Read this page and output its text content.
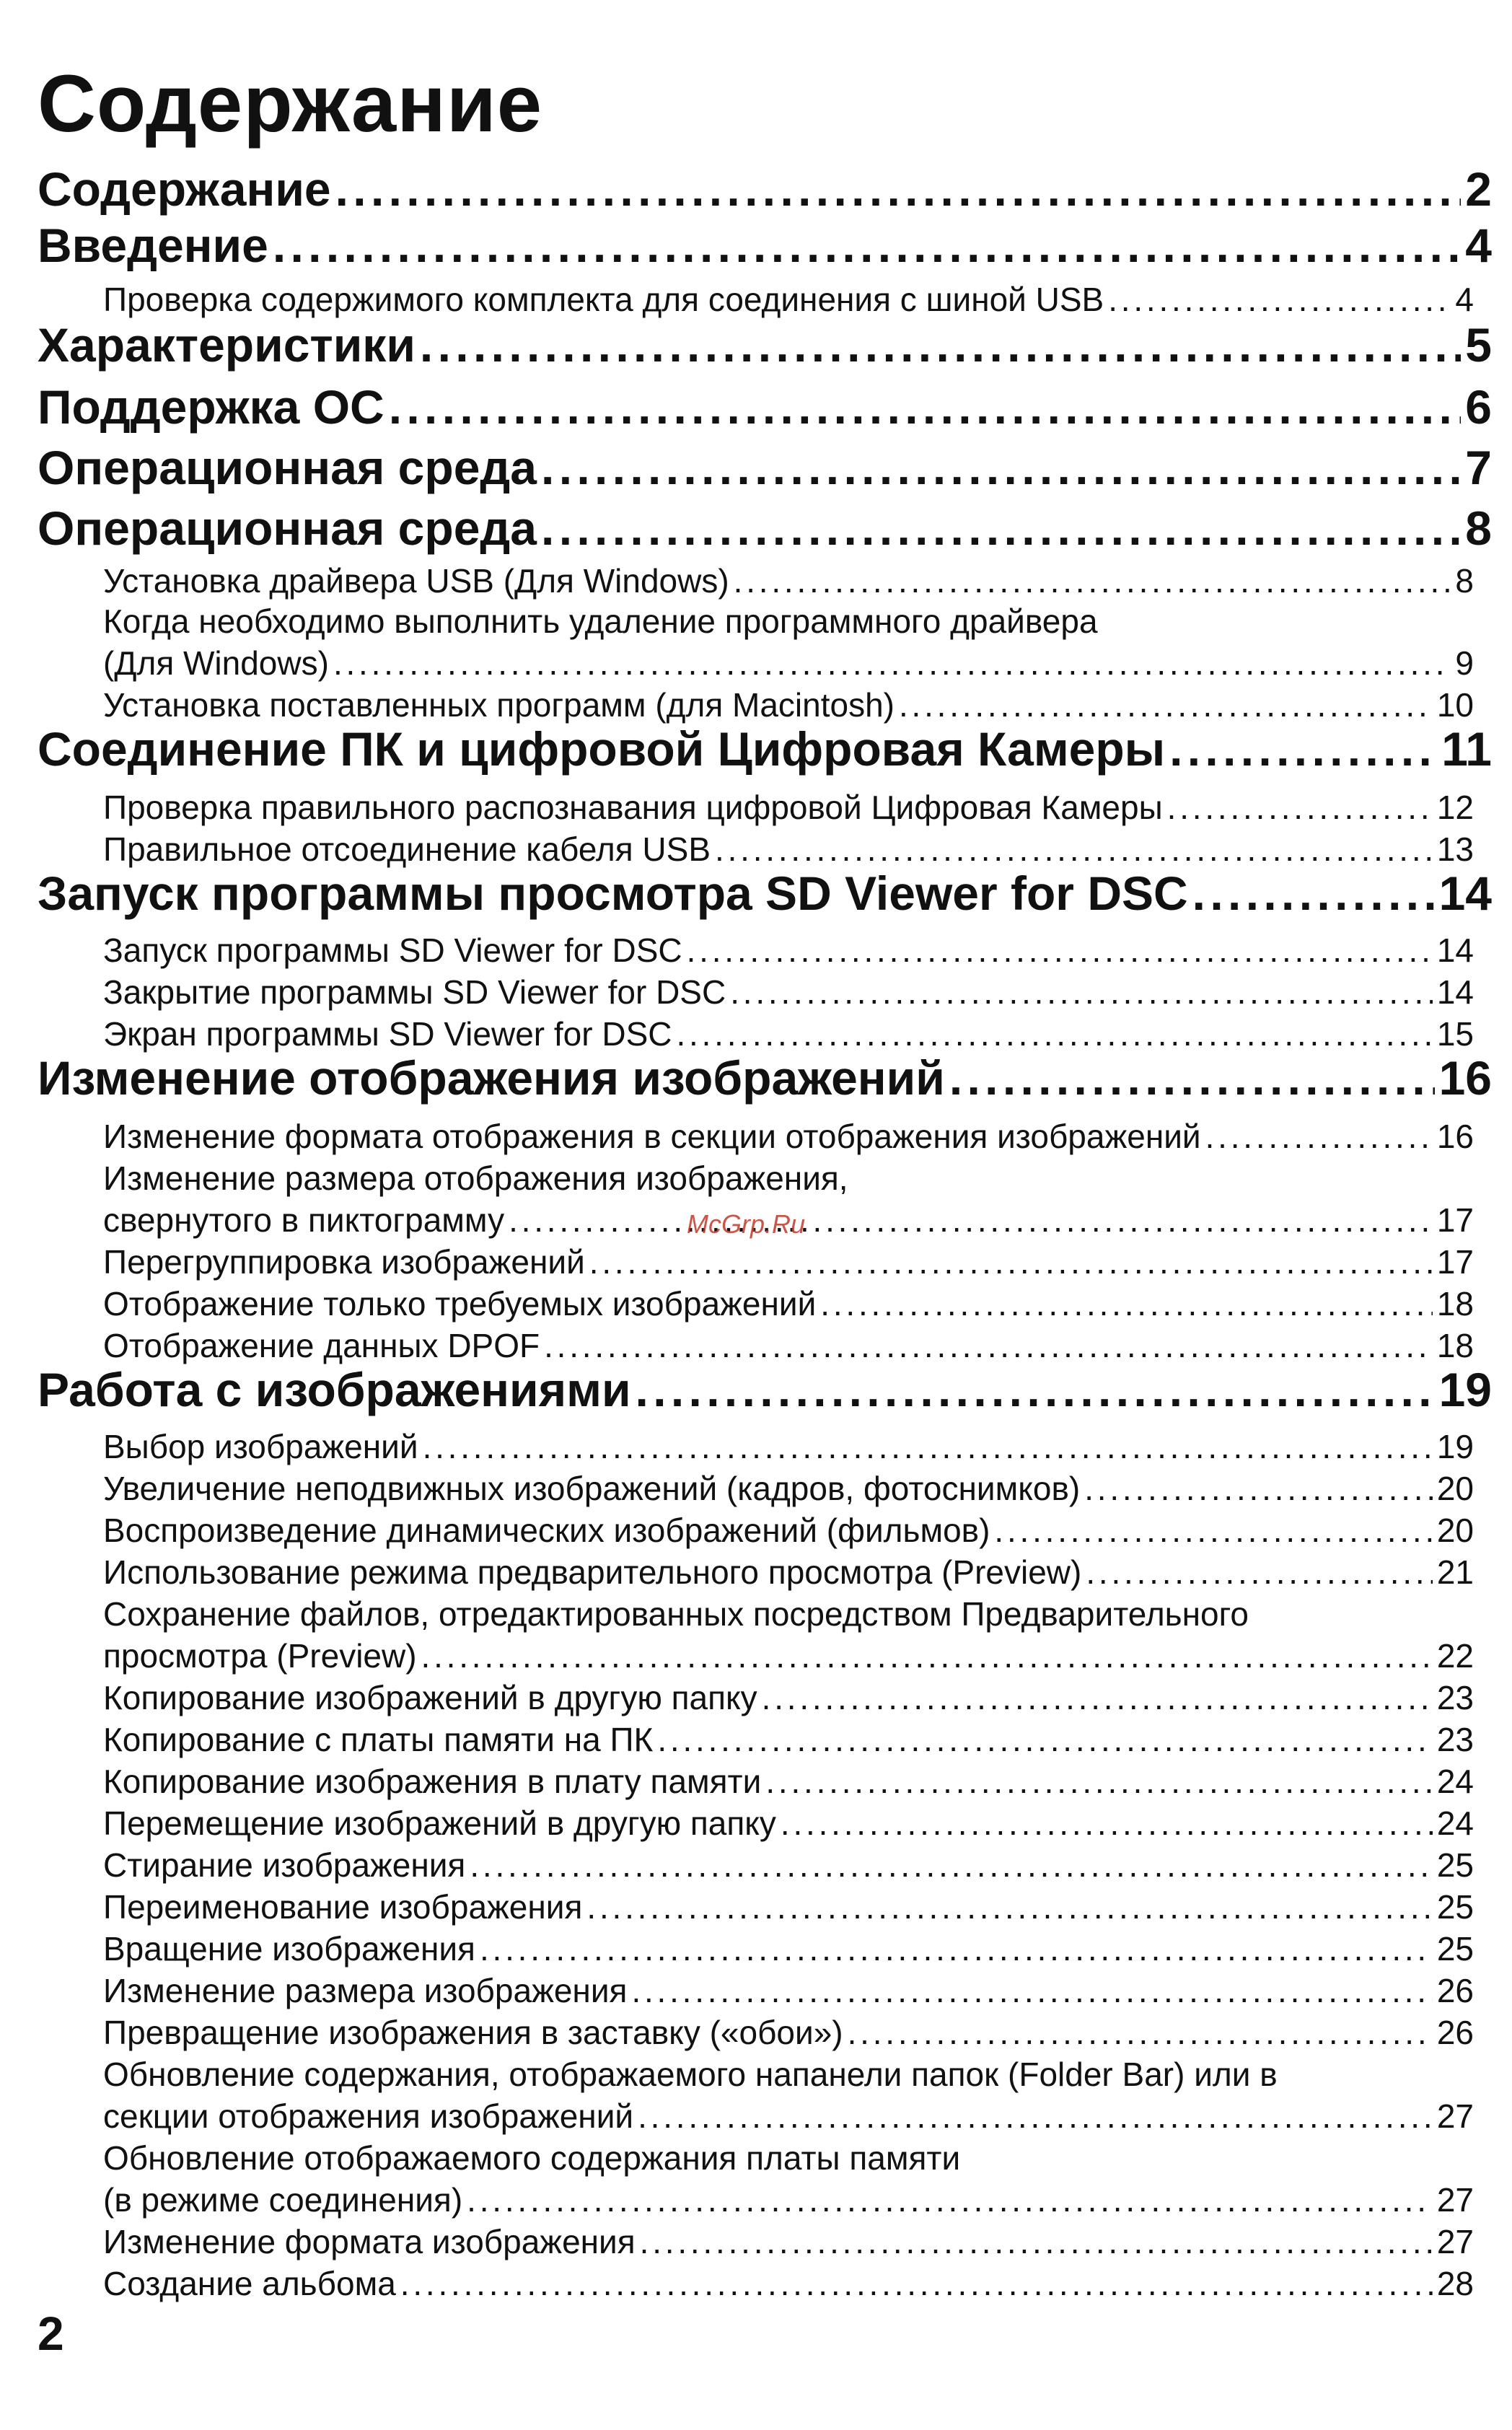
Содержание
Содержание . . .	2
Введение . . .	4
Проверка содержимого комплекта для соединения с шиной USB . . .	4
Характеристики . . .	5
Поддержка ОС . . .	6
Операционная среда . . .	7
Операционная среда . . .	8
Установка драйвера USB (Для Windows) . . .	8
Когда необходимо выполнить удаление программного драйвера
(Для Windows) . . .	9
Установка поставленных программ (для Macintosh) . . .	10
Соединение ПК и цифровой Цифровая Камеры . . .	11
Проверка правильного распознавания цифровой Цифровая Камеры . . .	12
Правильное отсоединение кабеля USB . . .	13
Запуск программы просмотра SD Viewer for DSC . . .	14
Запуск программы SD Viewer for DSC . . .	14
Закрытие программы SD Viewer for DSC . . .	14
Экран программы SD Viewer for DSC . . .	15
Изменение отображения изображений . . .	16
Изменение формата отображения в секции отображения изображений . . .	16
Изменение размера отображения изображения,
свернутого в пиктограмму . . .	17
Перегруппировка изображений . . .	17
Отображение только требуемых изображений . . .	18
Отображение данных DPOF . . .	18
Работа с изображениями . . .	19
Выбор изображений . . .	19
Увеличение неподвижных изображений (кадров, фотоснимков) . . .	20
Воспроизведение динамических изображений (фильмов) . . .	20
Использование режима предварительного просмотра (Preview) . . .	21
Сохранение файлов, отредактированных посредством Предварительного
просмотра (Preview) . . .	22
Копирование изображений в другую папку . . .	23
Копирование с платы памяти на ПК . . .	23
Копирование изображения в плату памяти . . .	24
Перемещение изображений в другую папку . . .	24
Стирание изображения . . .	25
Переименование изображения . . .	25
Вращение изображения . . .	25
Изменение размера изображения . . .	26
Превращение изображения в заставку («обои») . . .	26
Обновление содержания, отображаемого напанели папок (Folder Bar) или в
секции отображения изображений . . .	27
Обновление отображаемого содержания платы памяти
(в режиме соединения) . . .	27
Изменение формата изображения . . .	27
Создание альбома . . .	28
McGrp.Ru
2
